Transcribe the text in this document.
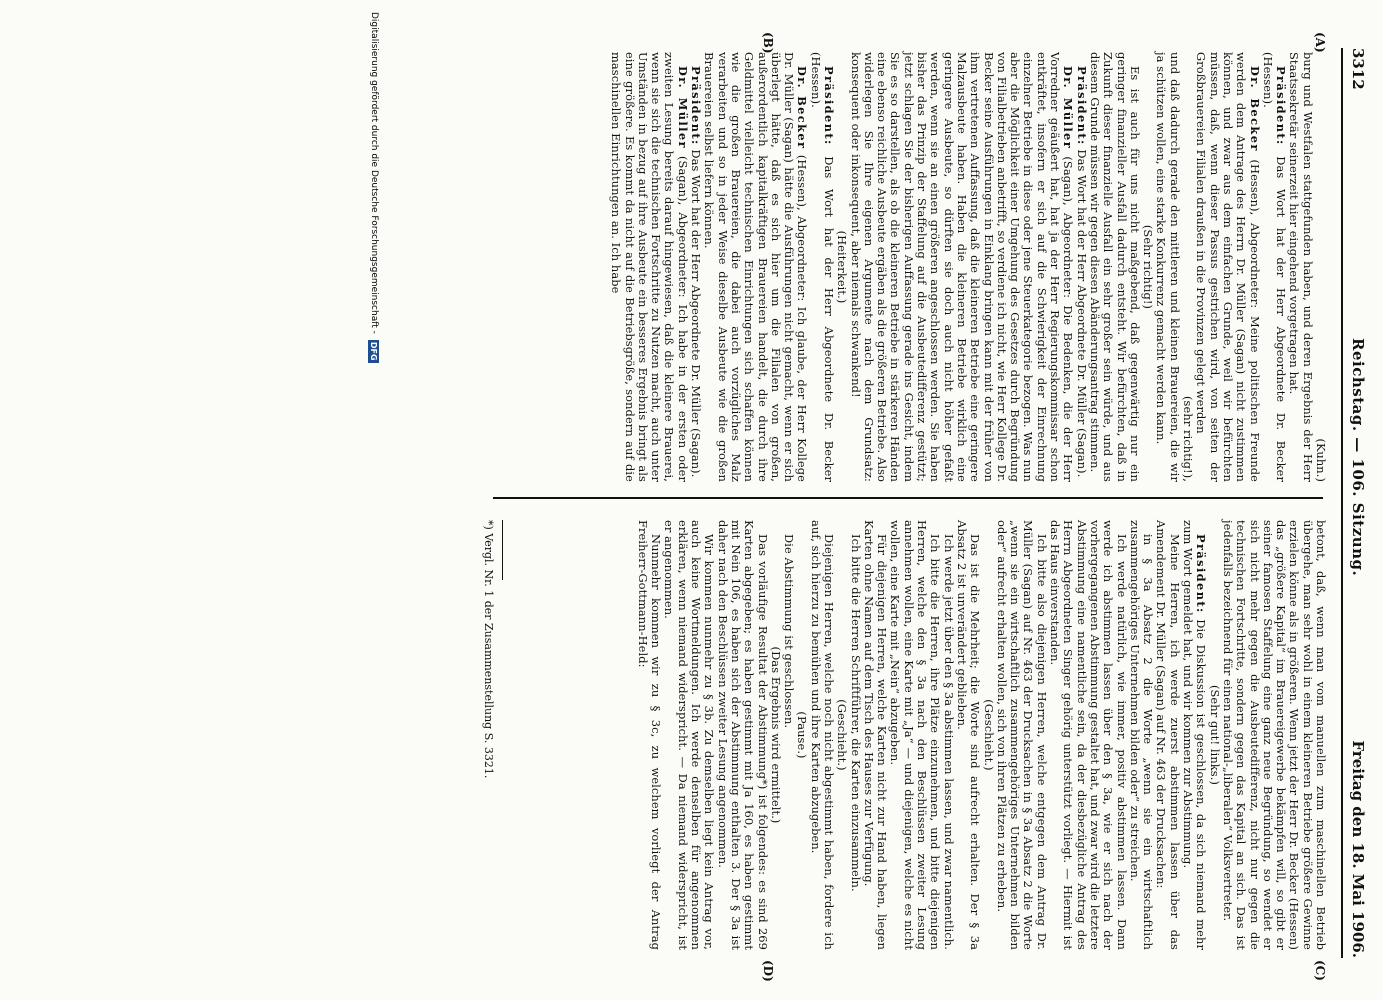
3312
Reichstag. — 106. Sitzung.
Freitag den 18. Mai 1906.
(A)
(B)
(C)
(D)

(Kuhn.)

burg und Westfalen stattgefunden haben, und deren Ergebnis der Herr Staatssekretär seinerzeit hier eingehend vorgetragen hat.

Präsident: Das Wort hat der Herr Abgeordnete Dr. Becker (Hessen).

Dr. Becker (Hessen), Abgeordneter: Meine politischen Freunde werden dem Antrage des Herrn Dr. Müller (Sagan) nicht zustimmen können, und zwar aus dem einfachen Grunde, weil wir befürchten müssen, daß, wenn dieser Passus gestrichen wird, von seiten der Großbrauereien Filialen draußen in die Provinzen gelegt werden

(sehr richtig!),

und daß dadurch gerade den mittleren und kleinen Brauereien, die wir ja schützen wollen, eine starke Konkurrenz gemacht werden kann.

(Sehr richtig!)

Es ist auch für uns nicht maßgebend, daß gegenwärtig nur ein geringer finanzieller Ausfall dadurch entsteht. Wir befürchten, daß in Zukunft dieser finanzielle Ausfall ein sehr großer sein würde, und aus diesem Grunde müssen wir gegen diesen Abänderungsantrag stimmen.

Präsident: Das Wort hat der Herr Abgeordnete Dr. Müller (Sagan).

Dr. Müller (Sagan), Abgeordneter: Die Bedenken, die der Herr Vorredner geäußert hat, hat ja der Herr Regierungskommissar schon entkräftet, insofern er sich auf die Schwierigkeit der Einrechnung einzelner Betriebe in diese oder jene Steuerkategorie bezogen. Was nun aber die Möglichkeit einer Umgehung des Gesetzes durch Begründung von Filialbetrieben anbetrifft, so verdiene ich nicht, wie Herr Kollege Dr. Becker seine Ausführungen in Einklang bringen kann mit der früher von ihm vertretenen Auffassung, daß die kleineren Betriebe eine geringere Malzausbeute haben. Haben die kleineren Betriebe wirklich eine geringere Ausbeute, so dürften sie doch auch nicht höher gefaßt werden, wenn sie an einen größeren angeschlossen werden. Sie haben bisher das Prinzip der Staffelung auf die Ausbeutedifferenz gestützt; jetzt schlagen Sie der bisherigen Auffassung gerade ins Gesicht, indem Sie es so darstellen, als ob die kleineren Betriebe in stärkeren Händen eine ebenso reichliche Ausbeute ergäben als die größeren Betriebe. Also widerlegen Sie Ihre eigenen Argumente nach dem Grundsatz: konsequent oder inkonsequent, aber niemals schwankend!

(Heiterkeit.)

Präsident: Das Wort hat der Herr Abgeordnete Dr. Becker (Hessen).

Dr. Becker (Hessen), Abgeordneter: Ich glaube, der Herr Kollege Dr. Müller (Sagan) hätte die Ausführungen nicht gemacht, wenn er sich überlegt hätte, daß es sich hier um die Filialen von großen, außerordentlich kapitalkräftigen Brauereien handelt, die durch ihre Geldmittel vielleicht technischen Einrichtungen sich schaffen können wie die großen Brauereien, die dabei auch vorzügliches Malz verarbeiten und so in jeder Weise dieselbe Ausbeute wie die großen Brauereien selbst liefern können.

Präsident: Das Wort hat der Herr Abgeordnete Dr. Müller (Sagan).

Dr. Müller (Sagan), Abgeordneter: Ich habe in der ersten oder zweiten Lesung bereits darauf hingewiesen, daß die kleinere Brauerei, wenn sie sich die technischen Fortschritte zu Nutzen macht, auch unter Umständen in bezug auf ihre Ausbeute ein besseres Ergebnis bringt als eine größere. Es kommt da nicht auf die Betriebsgröße, sondern auf die maschinellen Einrichtungen an. Ich habe

betont, daß, wenn man vom manuellen zum maschinellen Betrieb übergehe, man sehr wohl in einem kleineren Betriebe größere Gewinne erzielen könne als in größeren. Wenn jetzt der Herr Dr. Becker (Hessen) das „größere Kapital“ im Brauereigewerbe bekämpfen will, so gibt er seiner famosen Staffelung eine ganz neue Begründung, so wendet er sich nicht mehr gegen die Ausbeutedifferenz, nicht nur gegen die technischen Fortschritte, sondern gegen das Kapital an sich. Das ist jedenfalls bezeichnend für einen national-„liberalen“ Volksvertreter.

(Sehr gut! links.)

Präsident: Die Diskussion ist geschlossen, da sich niemand mehr zum Wort gemeldet hat, und wir kommen zur Abstimmung.

Meine Herren, ich werde zuerst abstimmen lassen über das Amendement Dr. Müller (Sagan) auf Nr. 463 der Drucksachen:

in § 3a Absatz 2 die Worte „wenn sie ein wirtschaftlich zusammengehöriges Unternehmen bilden oder“ zu streichen.

Ich werde natürlich, wie immer, positiv abstimmen lassen. Dann werde ich abstimmen lassen über den § 3a, wie er sich nach der vorhergegangenen Abstimmung gestaltet hat, und zwar wird die letztere Abstimmung eine namentliche sein, da der diesbezügliche Antrag des Herrn Abgeordneten Singer gehörig unterstützt vorliegt. — Hiermit ist das Haus einverstanden.

Ich bitte also diejenigen Herren, welche entgegen dem Antrag Dr. Müller (Sagan) auf Nr. 463 der Drucksachen in § 3a Absatz 2 die Worte „wenn sie ein wirtschaftlich zusammengehöriges Unternehmen bilden oder“ aufrecht erhalten wollen, sich von ihren Plätzen zu erheben.

(Geschieht.)

Das ist die Mehrheit; die Worte sind aufrecht erhalten. Der § 3a Absatz 2 ist unverändert geblieben.

Ich werde jetzt über den § 3a abstimmen lassen, und zwar namentlich.

Ich bitte die Herren, ihre Plätze einzunehmen, und bitte diejenigen Herren, welche den § 3a nach den Beschlüssen zweiter Lesung annehmen wollen, eine Karte mit „Ja“ — und diejenigen, welche es nicht wollen, eine Karte mit „Nein“ abzugeben.

Für diejenigen Herren, welche Karten nicht zur Hand haben, liegen Karten ohne Namen auf dem Tisch des Hauses zur Verfügung.

Ich bitte die Herren Schriftführer, die Karten einzusammeln.

(Geschieht.)

Diejenigen Herren, welche noch nicht abgestimmt haben, fordere ich auf, sich hierzu zu bemühen und ihre Karten abzugeben.

(Pause.)

Die Abstimmung ist geschlossen.

(Das Ergebnis wird ermittelt.)

Das vorläufige Resultat der Abstimmung*) ist folgendes: es sind 269 Karten abgegeben; es haben gestimmt mit Ja 160, es haben gestimmt mit Nein 106, es haben sich der Abstimmung enthalten 3. Der § 3a ist daher nach den Beschlüssen zweiter Lesung angenommen.

Wir kommen nunmehr zu § 3b. Zu demselben liegt kein Antrag vor, auch keine Wortmeldungen. Ich werde denselben für angenommen erklären, wenn niemand widerspricht. — Da niemand widerspricht, ist er angenommen.

Nunmehr kommen wir zu § 3c, zu welchem vorliegt der Antrag Freiherr-Gottmann-Held:

*) Vergl. Nr. 1 der Zusammenstellung S. 3321.
Digitalisierung gefördert durch die Deutsche Forschungsgemeinschaft -
DFG
